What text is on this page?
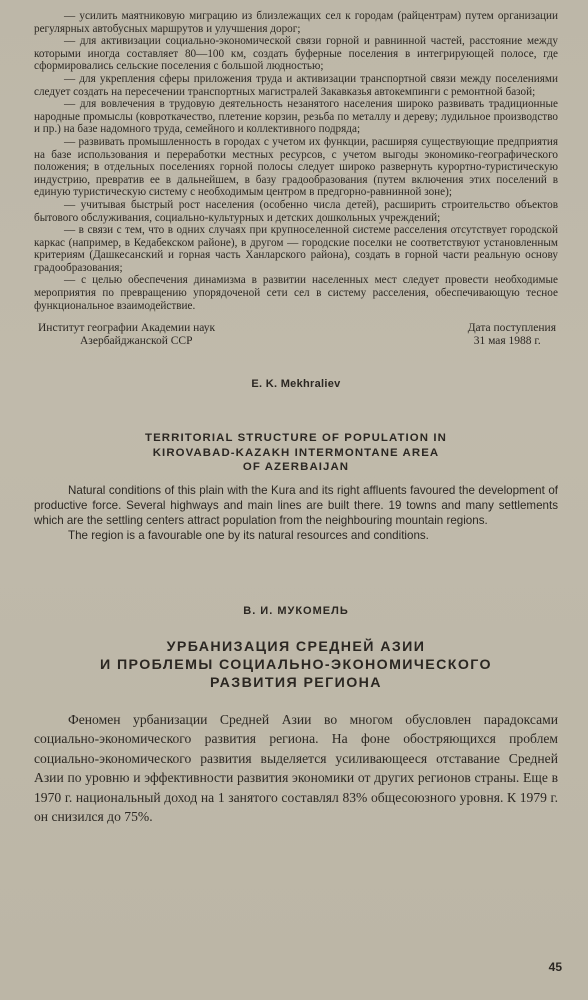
— усилить маятниковую миграцию из близлежащих сел к городам (райцентрам) путем организации регулярных автобусных маршрутов и улучшения дорог;

— для активизации социально-экономической связи горной и равнинной частей, расстояние между которыми иногда составляет 80—100 км, создать буферные поселения в интегрирующей полосе, где сформировались сельские поселения с большой людностью;

— для укрепления сферы приложения труда и активизации транспортной связи между поселениями следует создать на пересечении транспортных магистралей Закавказья автокемпинги с ремонтной базой;

— для вовлечения в трудовую деятельность незанятого населения широко развивать традиционные народные промыслы (ковроткачество, плетение корзин, резьба по металлу и дереву; лудильное производство и пр.) на базе надомного труда, семейного и коллективного подряда;

— развивать промышленность в городах с учетом их функции, расширяя существующие предприятия на базе использования и переработки местных ресурсов, с учетом выгоды экономико-географического положения; в отдельных поселениях горной полосы следует широко развернуть курортно-туристическую индустрию, превратив ее в дальнейшем, в базу градообразования (путем включения этих поселений в единую туристическую систему с необходимым центром в предгорно-равнинной зоне);

— учитывая быстрый рост населения (особенно числа детей), расширить строительство объектов бытового обслуживания, социально-культурных и детских дошкольных учреждений;

— в связи с тем, что в одних случаях при крупноселенной системе расселения отсутствует городской каркас (например, в Кедабекском районе), в другом — городские поселки не соответствуют установленным критериям (Дашкесанский и горная часть Ханларского района), создать в горной части реальную основу градообразования;

— с целью обеспечения динамизма в развитии населенных мест следует провести необходимые мероприятия по превращению упорядоченой сети сел в систему расселения, обеспечивающую тесное функциональное взаимодействие.

Институт географии Академии наук
Азербайджанской ССР
Дата поступления
31 мая 1988 г.
E. K. Mekhraliev
TERRITORIAL STRUCTURE OF POPULATION IN
KIROVABAD-KAZAKH INTERMONTANE AREA
OF AZERBAIJAN

Natural conditions of this plain with the Kura and its right affluents favoured the development of productive force. Several highways and main lines are built there. 19 towns and many settlements which are the settling centers attract population from the neighbouring mountain regions.

The region is a favourable one by its natural resources and conditions.

В. И. МУКОМЕЛЬ
УРБАНИЗАЦИЯ СРЕДНЕЙ АЗИИ
И ПРОБЛЕМЫ СОЦИАЛЬНО-ЭКОНОМИЧЕСКОГО
РАЗВИТИЯ РЕГИОНА

Феномен урбанизации Средней Азии во многом обусловлен парадоксами социально-экономического развития региона. На фоне обостряющихся проблем социально-экономического развития выделяется усиливающееся отставание Средней Азии по уровню и эффективности развития экономики от других регионов страны. Еще в 1970 г. национальный доход на 1 занятого составлял 83% общесоюзного уровня. К 1979 г. он снизился до 75%.

45
